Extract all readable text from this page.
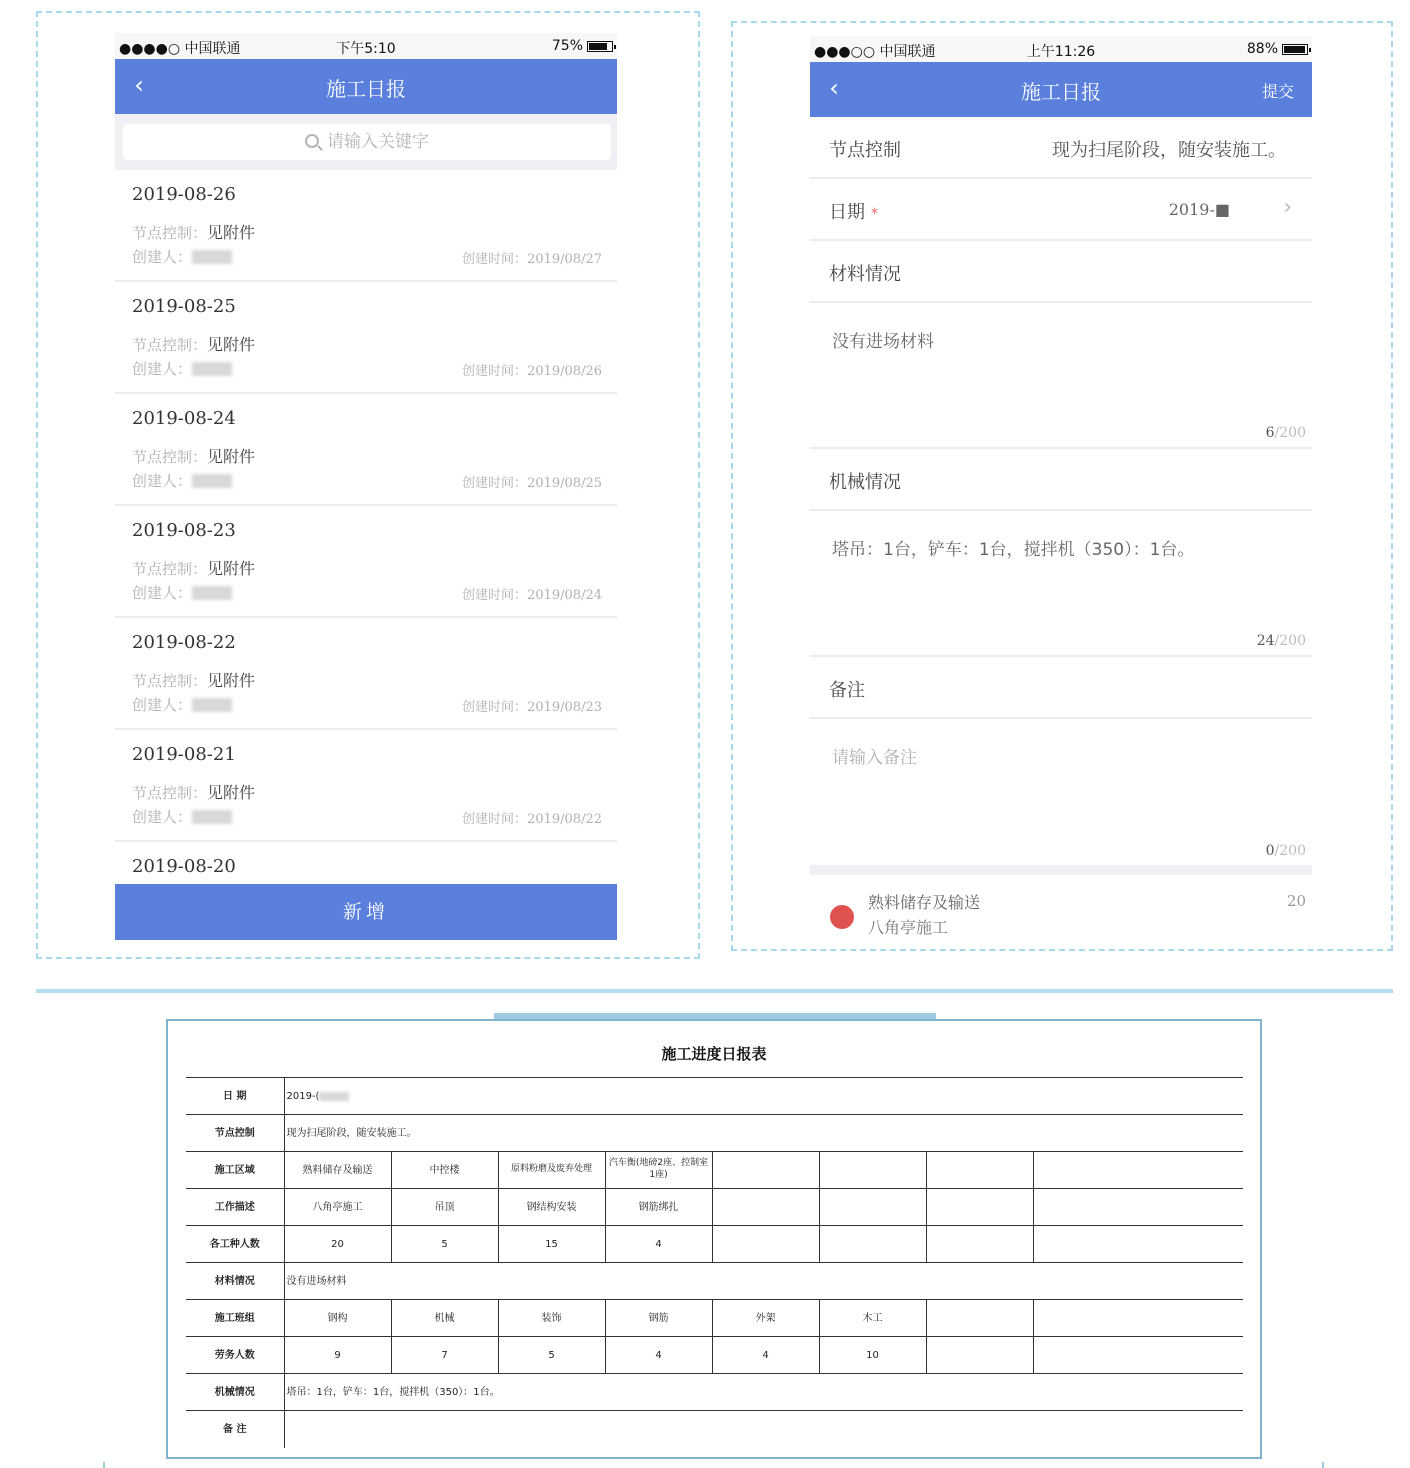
●●●●○ 中国联通	下午5:10	75%
‹	施工日报
请输入关键字
2019-08-26
节点控制：见附件
创建人：	创建时间：2019/08/27
2019-08-25
节点控制：见附件
创建人：	创建时间：2019/08/26
2019-08-24
节点控制：见附件
创建人：	创建时间：2019/08/25
2019-08-23
节点控制：见附件
创建人：	创建时间：2019/08/24
2019-08-22
节点控制：见附件
创建人：	创建时间：2019/08/23
2019-08-21
节点控制：见附件
创建人：	创建时间：2019/08/22
2019-08-20
新增
●●●○○ 中国联通	上午11:26	88%
‹	施工日报	提交
节点控制	现为扫尾阶段，随安装施工。
日期 *	2019-■ ›
材料情况
没有进场材料
6/200
机械情况
塔吊：1台，铲车：1台，搅拌机（350）：1台。
24/200
备注
请输入备注
0/200
熟料储存及输送
八角亭施工
20
施工进度日报表
日 期	2019-(							
节点控制	现为扫尾阶段，随安装施工。							
施工区域	熟料储存及输送	中控楼	原料粉磨及废弃处理	汽车衡(地磅2座、控制室1座)				
工作描述	八角亭施工	吊顶	钢结构安装	钢筋绑扎				
各工种人数	20	5	15	4				
材料情况	没有进场材料							
施工班组	钢构	机械	装饰	钢筋	外架	木工		
劳务人数	9	7	5	4	4	10		
机械情况	塔吊：1台，铲车：1台，搅拌机（350）：1台。							
备 注								
